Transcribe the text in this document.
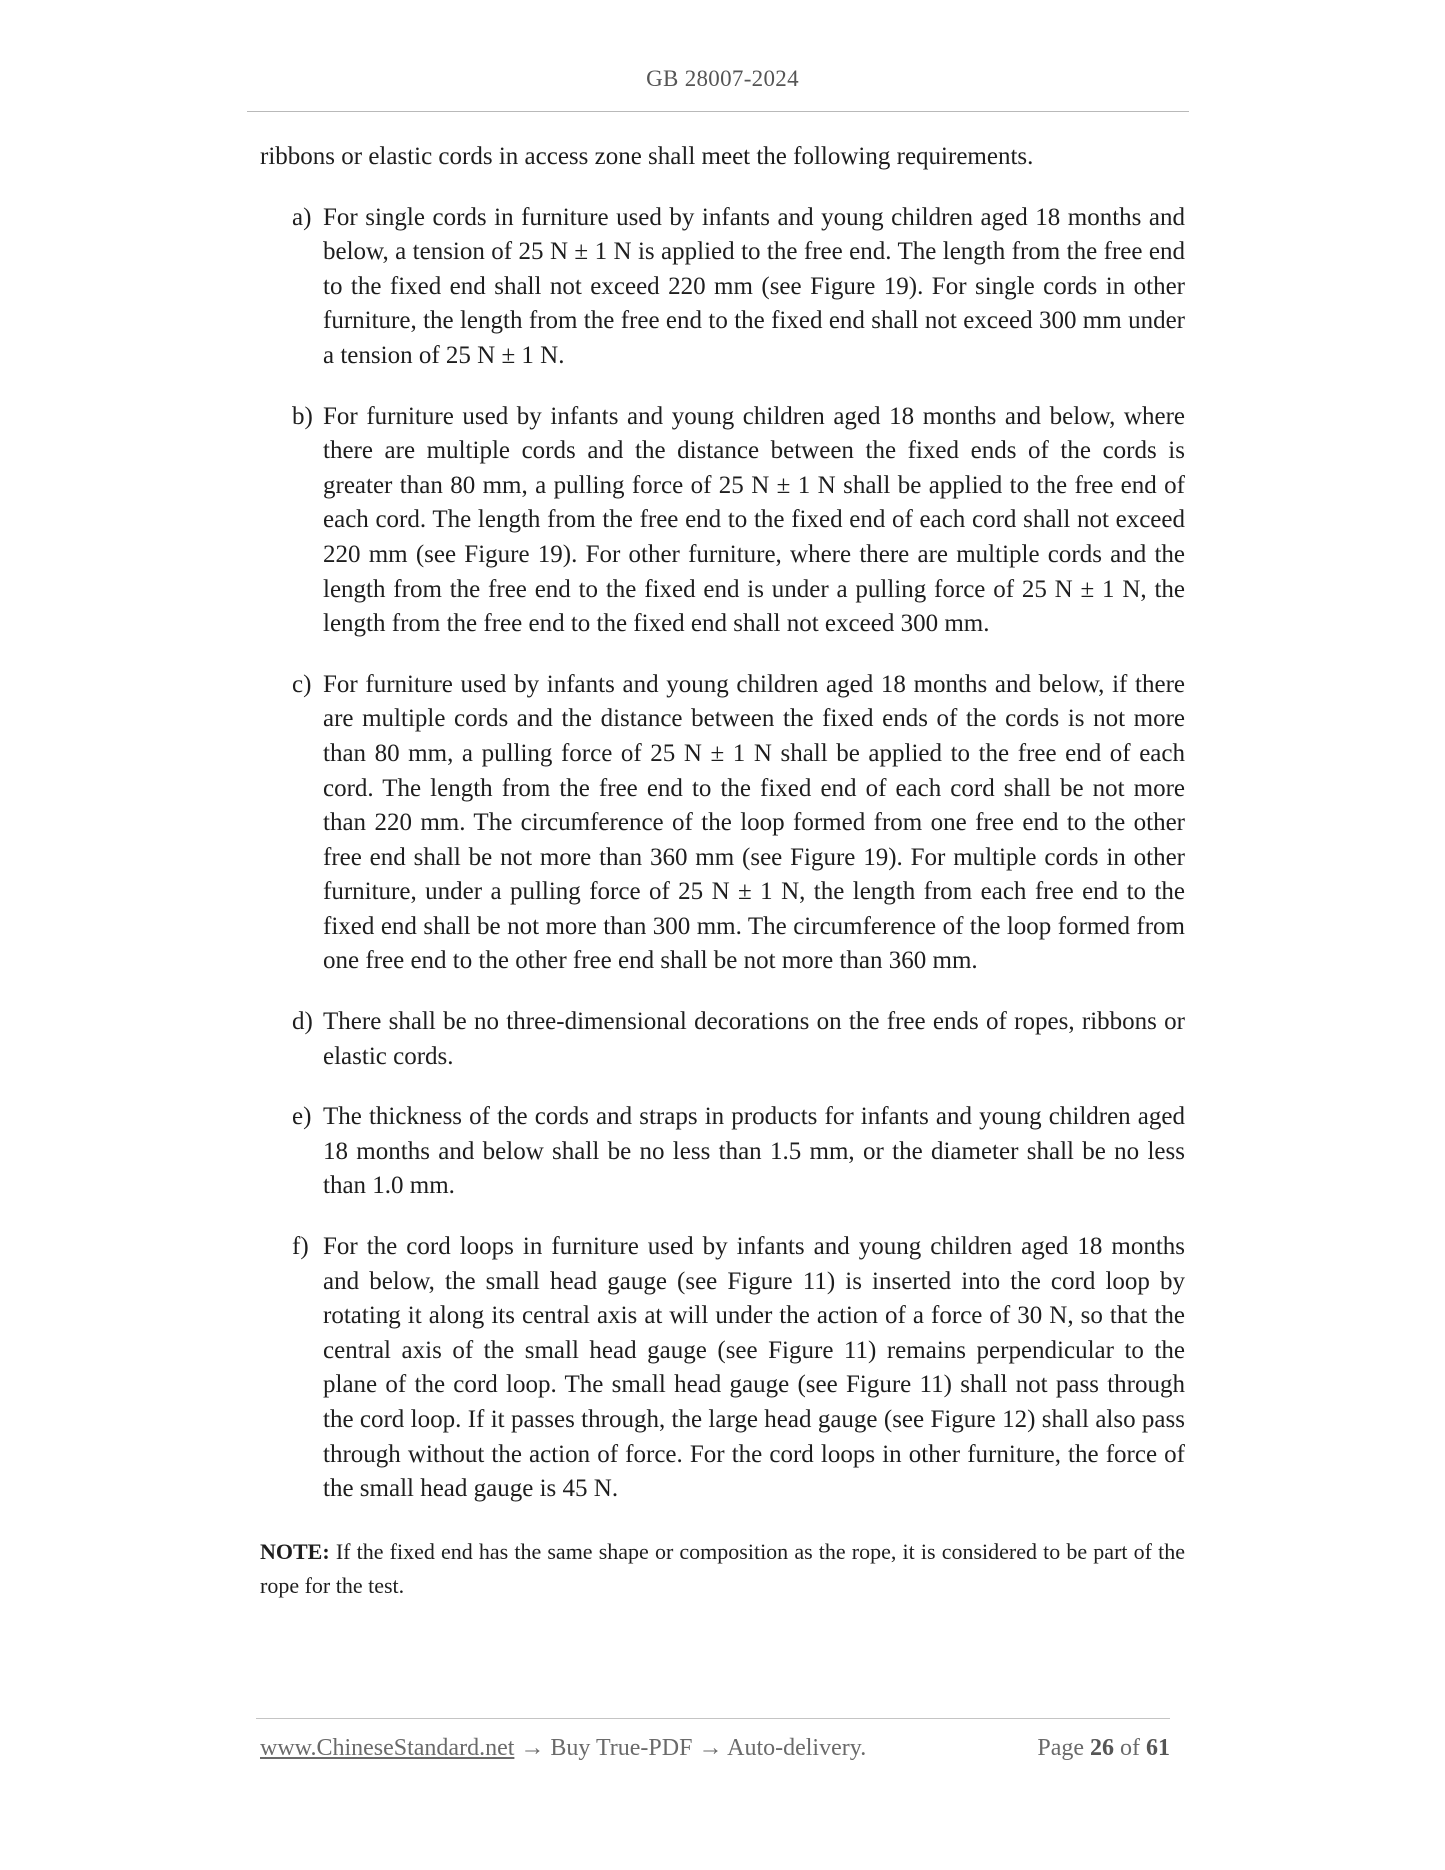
GB 28007-2024

ribbons or elastic cords in access zone shall meet the following requirements.

a) For single cords in furniture used by infants and young children aged 18 months and below, a tension of 25 N ± 1 N is applied to the free end. The length from the free end to the fixed end shall not exceed 220 mm (see Figure 19). For single cords in other furniture, the length from the free end to the fixed end shall not exceed 300 mm under a tension of 25 N ± 1 N.
b) For furniture used by infants and young children aged 18 months and below, where there are multiple cords and the distance between the fixed ends of the cords is greater than 80 mm, a pulling force of 25 N ± 1 N shall be applied to the free end of each cord. The length from the free end to the fixed end of each cord shall not exceed 220 mm (see Figure 19). For other furniture, where there are multiple cords and the length from the free end to the fixed end is under a pulling force of 25 N ± 1 N, the length from the free end to the fixed end shall not exceed 300 mm.
c) For furniture used by infants and young children aged 18 months and below, if there are multiple cords and the distance between the fixed ends of the cords is not more than 80 mm, a pulling force of 25 N ± 1 N shall be applied to the free end of each cord. The length from the free end to the fixed end of each cord shall be not more than 220 mm. The circumference of the loop formed from one free end to the other free end shall be not more than 360 mm (see Figure 19). For multiple cords in other furniture, under a pulling force of 25 N ± 1 N, the length from each free end to the fixed end shall be not more than 300 mm. The circumference of the loop formed from one free end to the other free end shall be not more than 360 mm.
d) There shall be no three-dimensional decorations on the free ends of ropes, ribbons or elastic cords.
e) The thickness of the cords and straps in products for infants and young children aged 18 months and below shall be no less than 1.5 mm, or the diameter shall be no less than 1.0 mm.
f) For the cord loops in furniture used by infants and young children aged 18 months and below, the small head gauge (see Figure 11) is inserted into the cord loop by rotating it along its central axis at will under the action of a force of 30 N, so that the central axis of the small head gauge (see Figure 11) remains perpendicular to the plane of the cord loop. The small head gauge (see Figure 11) shall not pass through the cord loop. If it passes through, the large head gauge (see Figure 12) shall also pass through without the action of force. For the cord loops in other furniture, the force of the small head gauge is 45 N.

NOTE: If the fixed end has the same shape or composition as the rope, it is considered to be part of the rope for the test.

www.ChineseStandard.net → Buy True-PDF → Auto-delivery.	Page 26 of 61
